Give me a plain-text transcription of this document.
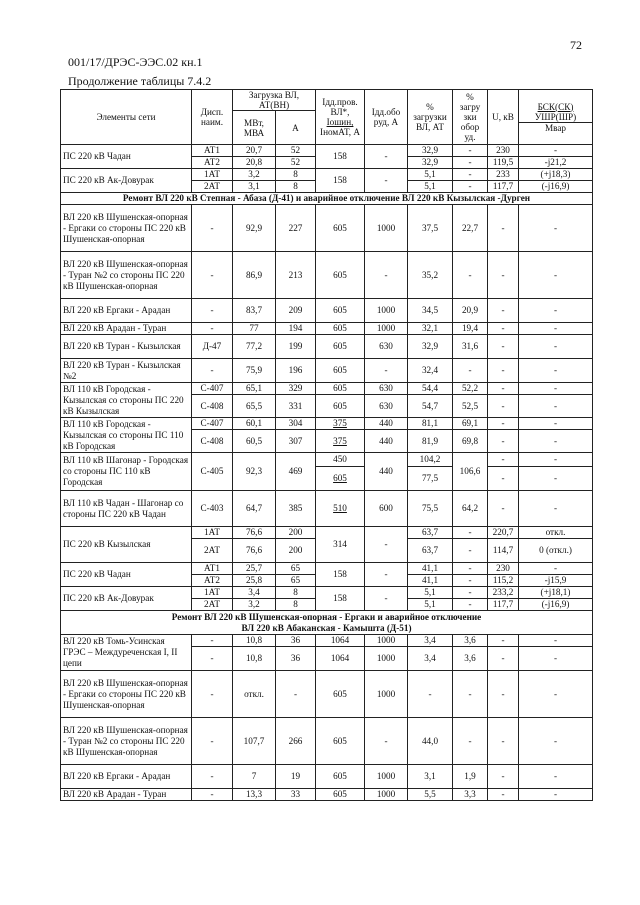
72
001/17/ДРЭС-ЭЭС.02 кн.1
Продолжение таблицы 7.4.2
Элементы сети	Дисп. наим.	Загрузка ВЛ, АТ(ВН)		Iдд.пров. ВЛ*,
Iошин,
IномАТ, А	Iдд.обо руд, А	% загрузки ВЛ, АТ	% загру зки обор уд.	U, кВ	БСК(СК)
УШР(ШР)
Мвар

		МВт, МВА	А						
ПС 220 кВ Чадан	АТ1	20,7	52	158	-	32,9	-	230	-
	АТ2	20,8	52			32,9	-	119,5	-j21,2
ПС 220 кВ Ак-Довурак	1АТ	3,2	8	158	-	5,1	-	233	(+j18,3)
	2АТ	3,1	8			5,1	-	117,7	(-j16,9)
Ремонт ВЛ 220 кВ Степная - Абаза (Д-41) и аварийное отключение ВЛ 220 кВ Кызылская -Дурген									
ВЛ 220 кВ Шушенская-опорная - Ергаки со стороны ПС 220 кВ Шушенская-опорная	-	92,9	227	605	1000	37,5	22,7	-	-
ВЛ 220 кВ Шушенская-опорная - Туран №2 со стороны ПС 220 кВ Шушенская-опорная	-	86,9	213	605	-	35,2	-	-	-
ВЛ 220 кВ Ергаки - Арадан	-	83,7	209	605	1000	34,5	20,9	-	-
ВЛ 220 кВ Арадан - Туран	-	77	194	605	1000	32,1	19,4	-	-
ВЛ 220 кВ Туран - Кызылская	Д-47	77,2	199	605	630	32,9	31,6	-	-
ВЛ 220 кВ Туран - Кызылская №2	-	75,9	196	605	-	32,4	-	-	-
ВЛ 110 кВ Городская - Кызылская со стороны ПС 220 кВ Кызылская	С-407	65,1	329	605	630	54,4	52,2	-	-
	С-408	65,5	331	605	630	54,7	52,5	-	-
ВЛ 110 кВ Городская - Кызылская со стороны ПС 110 кВ Городская	С-407	60,1	304	375	440	81,1	69,1	-	-
	С-408	60,5	307	375	440	81,9	69,8	-	-
ВЛ 110 кВ Шагонар - Городская со стороны ПС 110 кВ Городская	С-405	92,3	469	450	440	104,2	106,6	-	-
				605		77,5		-	-
ВЛ 110 кВ Чадан - Шагонар со стороны ПС 220 кВ Чадан	С-403	64,7	385	510	600	75,5	64,2	-	-
ПС 220 кВ Кызылская	1АТ	76,6	200	314	-	63,7	-	220,7	откл.
	2АТ	76,6	200			63,7	-	114,7	0 (откл.)
ПС 220 кВ Чадан	АТ1	25,7	65	158	-	41,1	-	230	-
	АТ2	25,8	65			41,1	-	115,2	-j15,9
ПС 220 кВ Ак-Довурак	1АТ	3,4	8	158	-	5,1	-	233,2	(+j18,1)
	2АТ	3,2	8			5,1	-	117,7	(-j16,9)

Ремонт ВЛ 220 кВ Шушенская-опорная - Ергаки и аварийное отключение
ВЛ 220 кВ Абаканская - Камышта (Д-51)									

ВЛ 220 кВ Томь-Усинская ГРЭС – Междуреченская I, II цепи	-	10,8	36	1064	1000	3,4	3,6	-	-
	-	10,8	36	1064	1000	3,4	3,6	-	-
ВЛ 220 кВ Шушенская-опорная - Ергаки со стороны ПС 220 кВ Шушенская-опорная	-	откл.	-	605	1000	-	-	-	-
ВЛ 220 кВ Шушенская-опорная - Туран №2 со стороны ПС 220 кВ Шушенская-опорная	-	107,7	266	605	-	44,0	-	-	-
ВЛ 220 кВ Ергаки - Арадан	-	7	19	605	1000	3,1	1,9	-	-
ВЛ 220 кВ Арадан - Туран	-	13,3	33	605	1000	5,5	3,3	-	-
